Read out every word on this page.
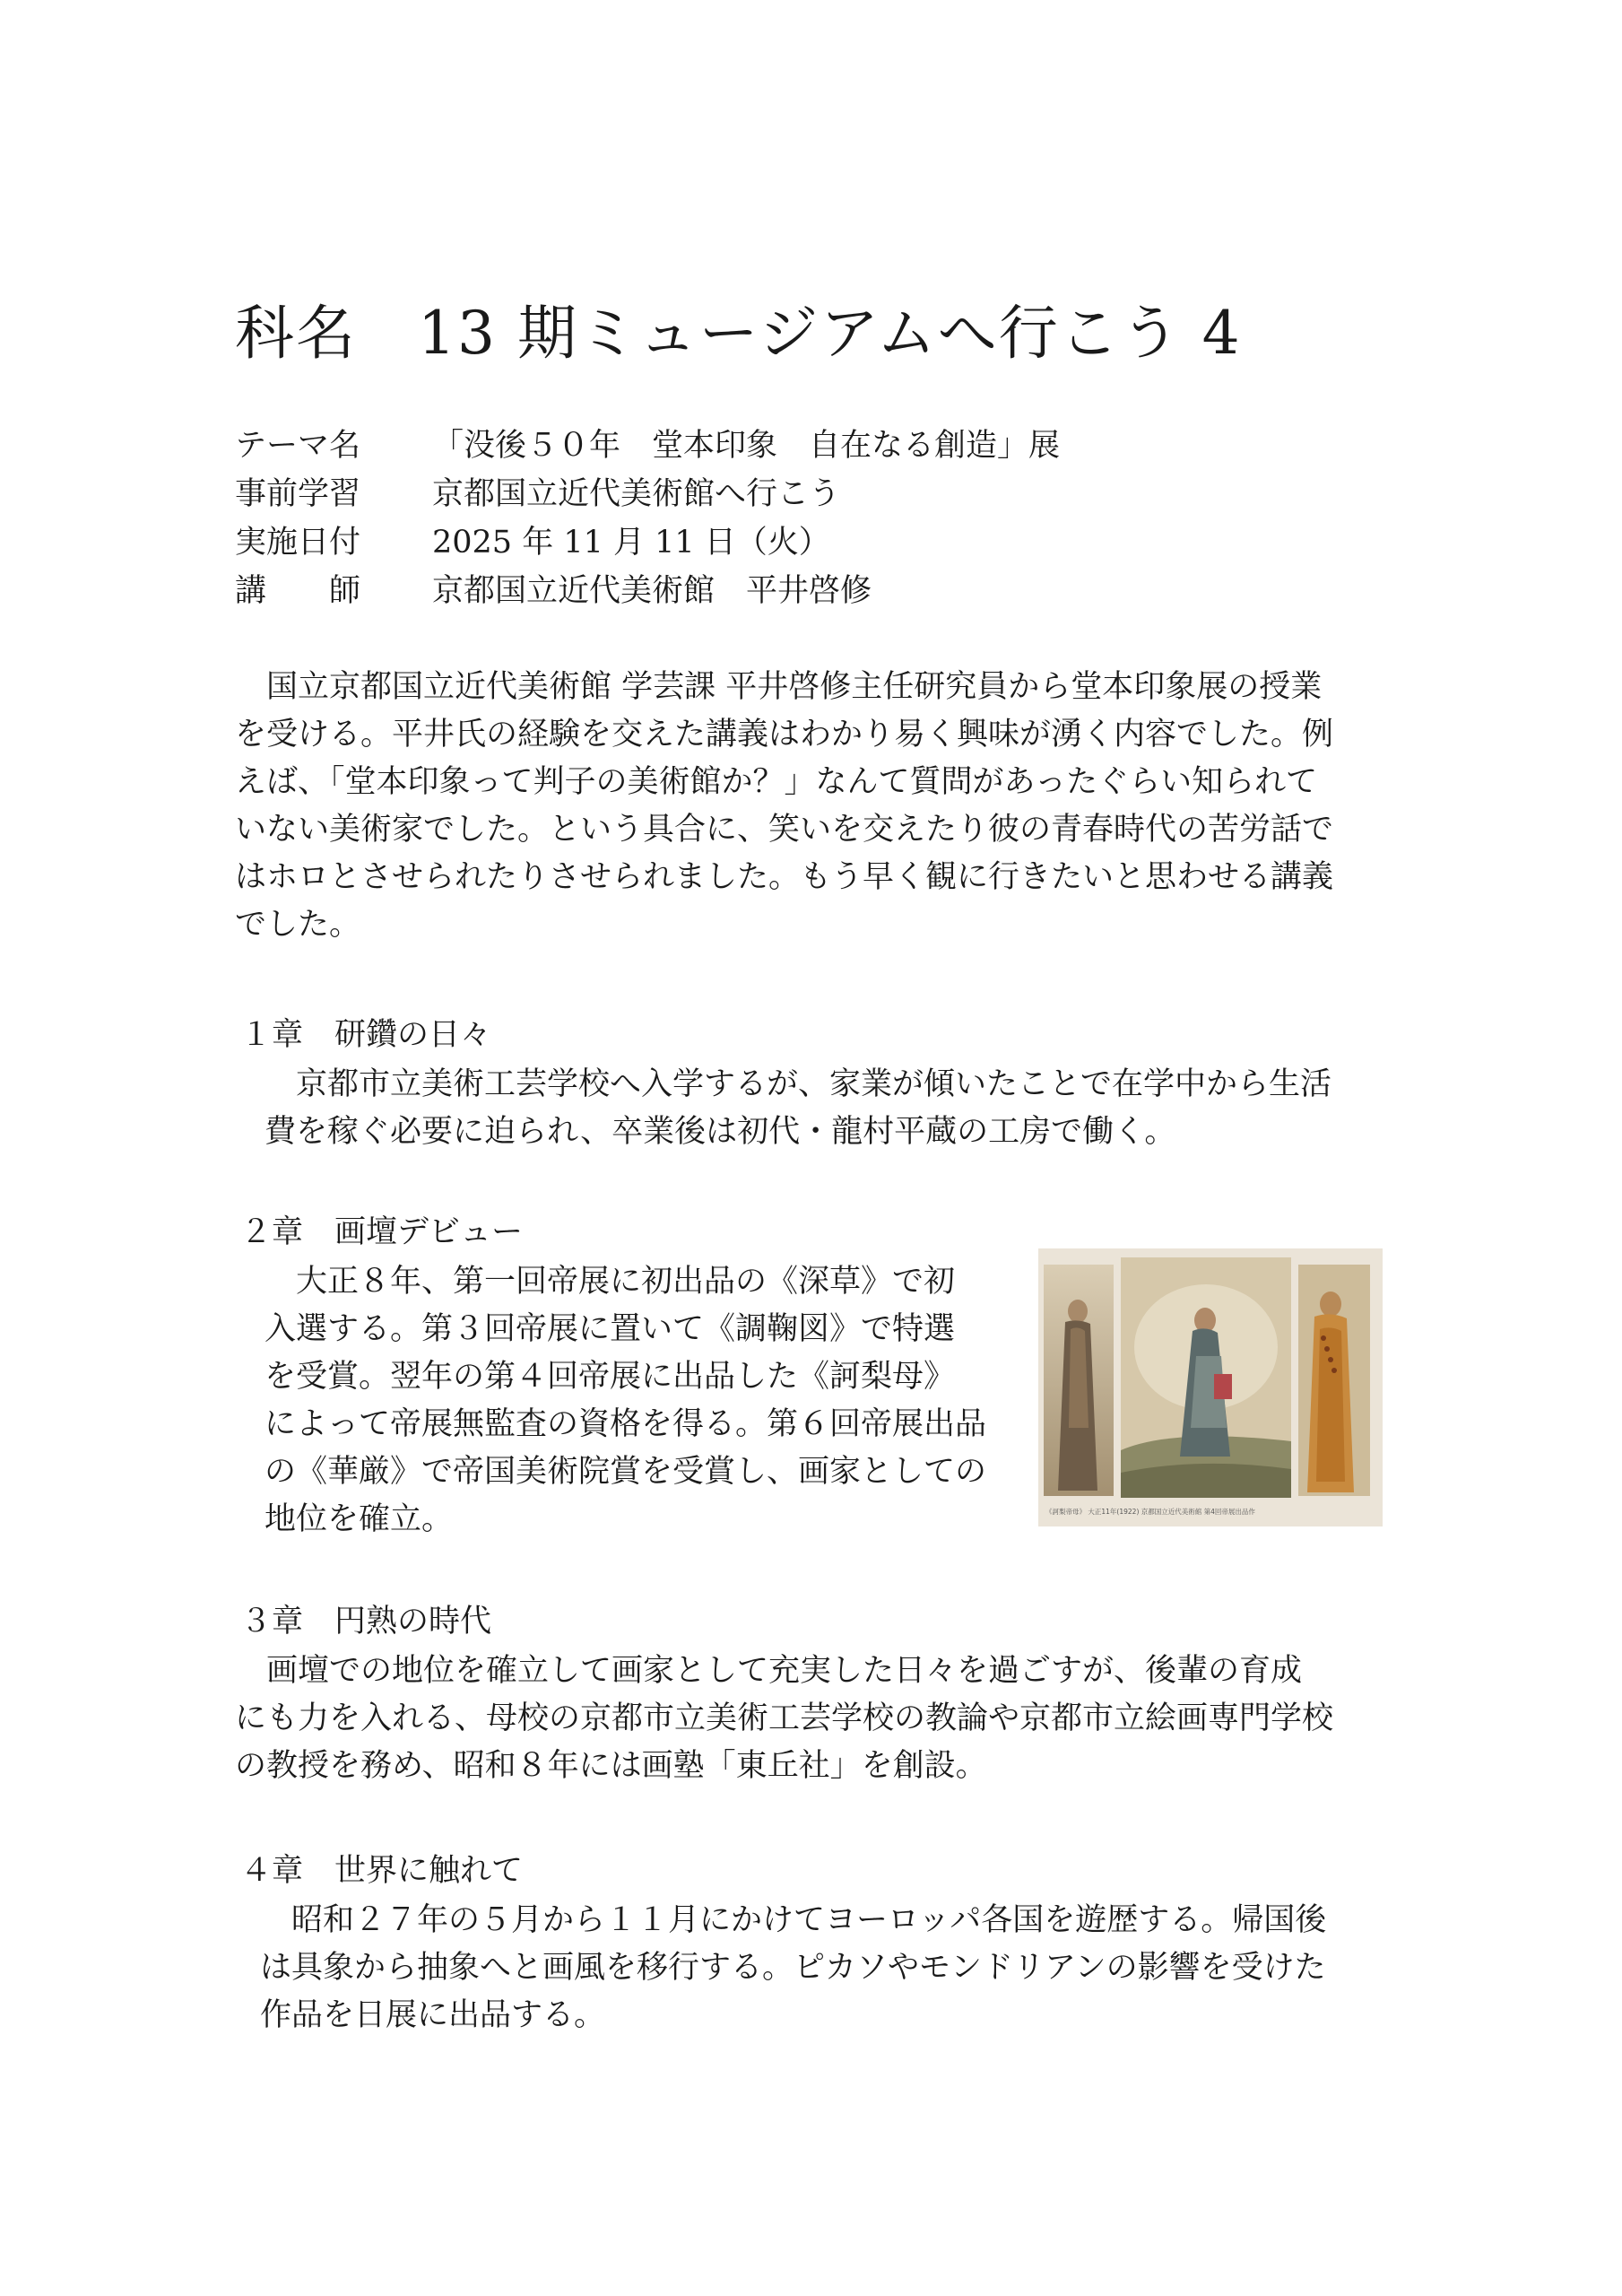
科名　13 期ミュージアムへ行こう 4
テーマ名 「没後５０年　堂本印象　自在なる創造」展
事前学習 京都国立近代美術館へ行こう
実施日付 2025 年 11 月 11 日（火）
講　　師 京都国立近代美術館　平井啓修
　国立京都国立近代美術館 学芸課 平井啓修主任研究員から堂本印象展の授業
を受ける。平井氏の経験を交えた講義はわかり易く興味が湧く内容でした。例
えば、「堂本印象って判子の美術館か？」なんて質問があったぐらい知られて
いない美術家でした。という具合に、笑いを交えたり彼の青春時代の苦労話で
はホロとさせられたりさせられました。もう早く観に行きたいと思わせる講義
でした。
１章　研鑽の日々
　京都市立美術工芸学校へ入学するが、家業が傾いたことで在学中から生活
費を稼ぐ必要に迫られ、卒業後は初代・龍村平蔵の工房で働く。
２章　画壇デビュー
　大正８年、第一回帝展に初出品の《深草》で初
入選する。第３回帝展に置いて《調鞠図》で特選
を受賞。翌年の第４回帝展に出品した《訶梨母》
によって帝展無監査の資格を得る。第６回帝展出品
の《華厳》で帝国美術院賞を受賞し、画家としての
地位を確立。	《訶梨帝母》 大正11年(1922) 京都国立近代美術館 第4回帝展出品作
３章　円熟の時代
　画壇での地位を確立して画家として充実した日々を過ごすが、後輩の育成
にも力を入れる、母校の京都市立美術工芸学校の教論や京都市立絵画専門学校
の教授を務め、昭和８年には画塾「東丘社」を創設。
４章　世界に触れて
　昭和２７年の５月から１１月にかけてヨーロッパ各国を遊歴する。帰国後
は具象から抽象へと画風を移行する。ピカソやモンドリアンの影響を受けた
作品を日展に出品する。
